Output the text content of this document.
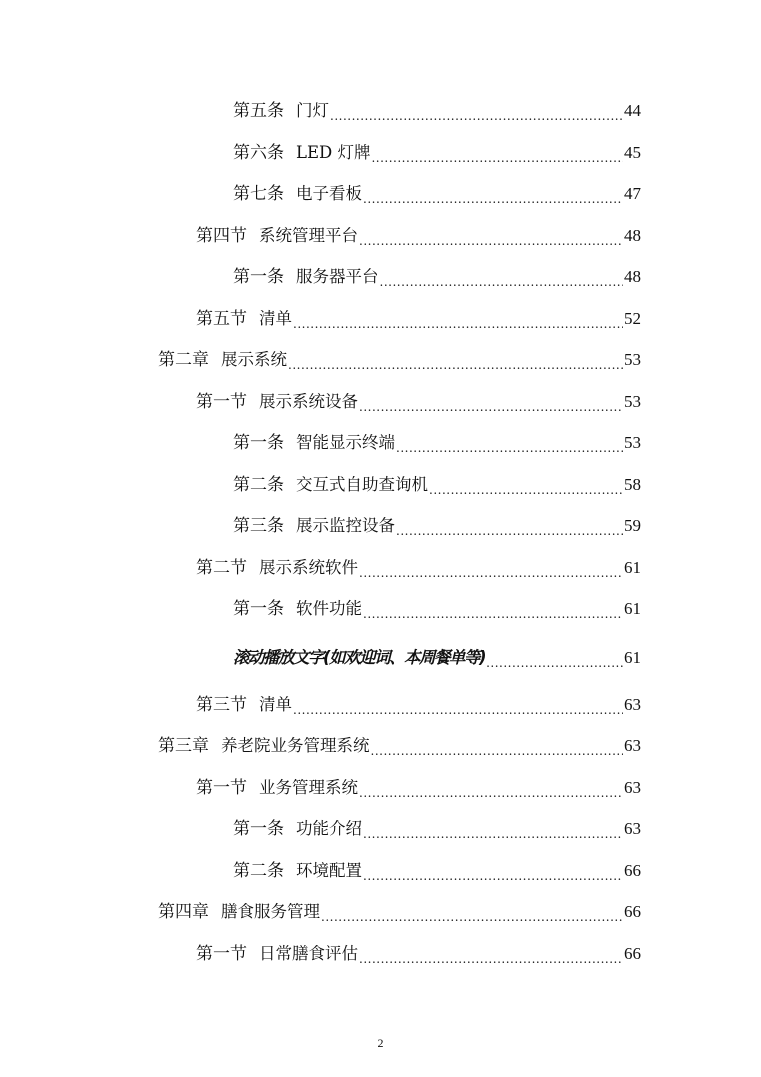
第五条 门灯 .....	44
第六条 LED 灯牌 .....	45
第七条 电子看板 .....	47
第四节 系统管理平台 .....	48
第一条 服务器平台 .....	48
第五节 清单 .....	52
第二章 展示系统 .....	53
第一节 展示系统设备 .....	53
第一条 智能显示终端 .....	53
第二条 交互式自助查询机 .....	58
第三条 展示监控设备 .....	59
第二节 展示系统软件 .....	61
第一条 软件功能 .....	61
滚动播放文字(如欢迎词、本周餐单等) .....	61
第三节 清单 .....	63
第三章 养老院业务管理系统 .....	63
第一节 业务管理系统 .....	63
第一条 功能介绍 .....	63
第二条 环境配置 .....	66
第四章 膳食服务管理 .....	66
第一节 日常膳食评估 .....	66
2
